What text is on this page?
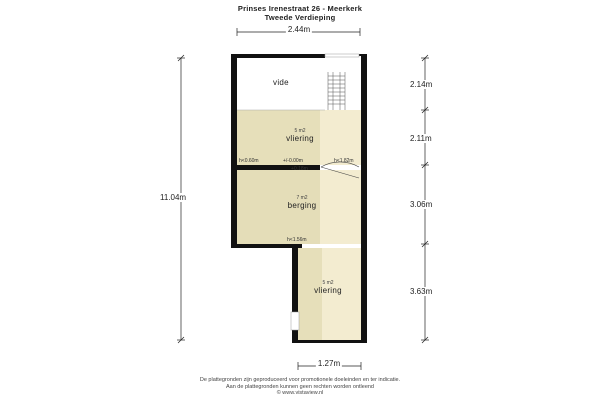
Prinses Irenestraat 26 - Meerkerk
Tweede Verdieping
2.44m
11.04m
2.14m
2.11m
3.06m
3.63m
1.27m
vide
5 m2
vliering
7 m2
berging
5 m2
vliering
h<0.60m	+/-0.00m	h<1.82m
+0.18m
h<1.56m
De plattegronden zijn geproduceerd voor promotionele doeleinden en ter indicatie.
Aan de plattegronden kunnen geen rechten worden ontleend
© www.vistaview.nl
